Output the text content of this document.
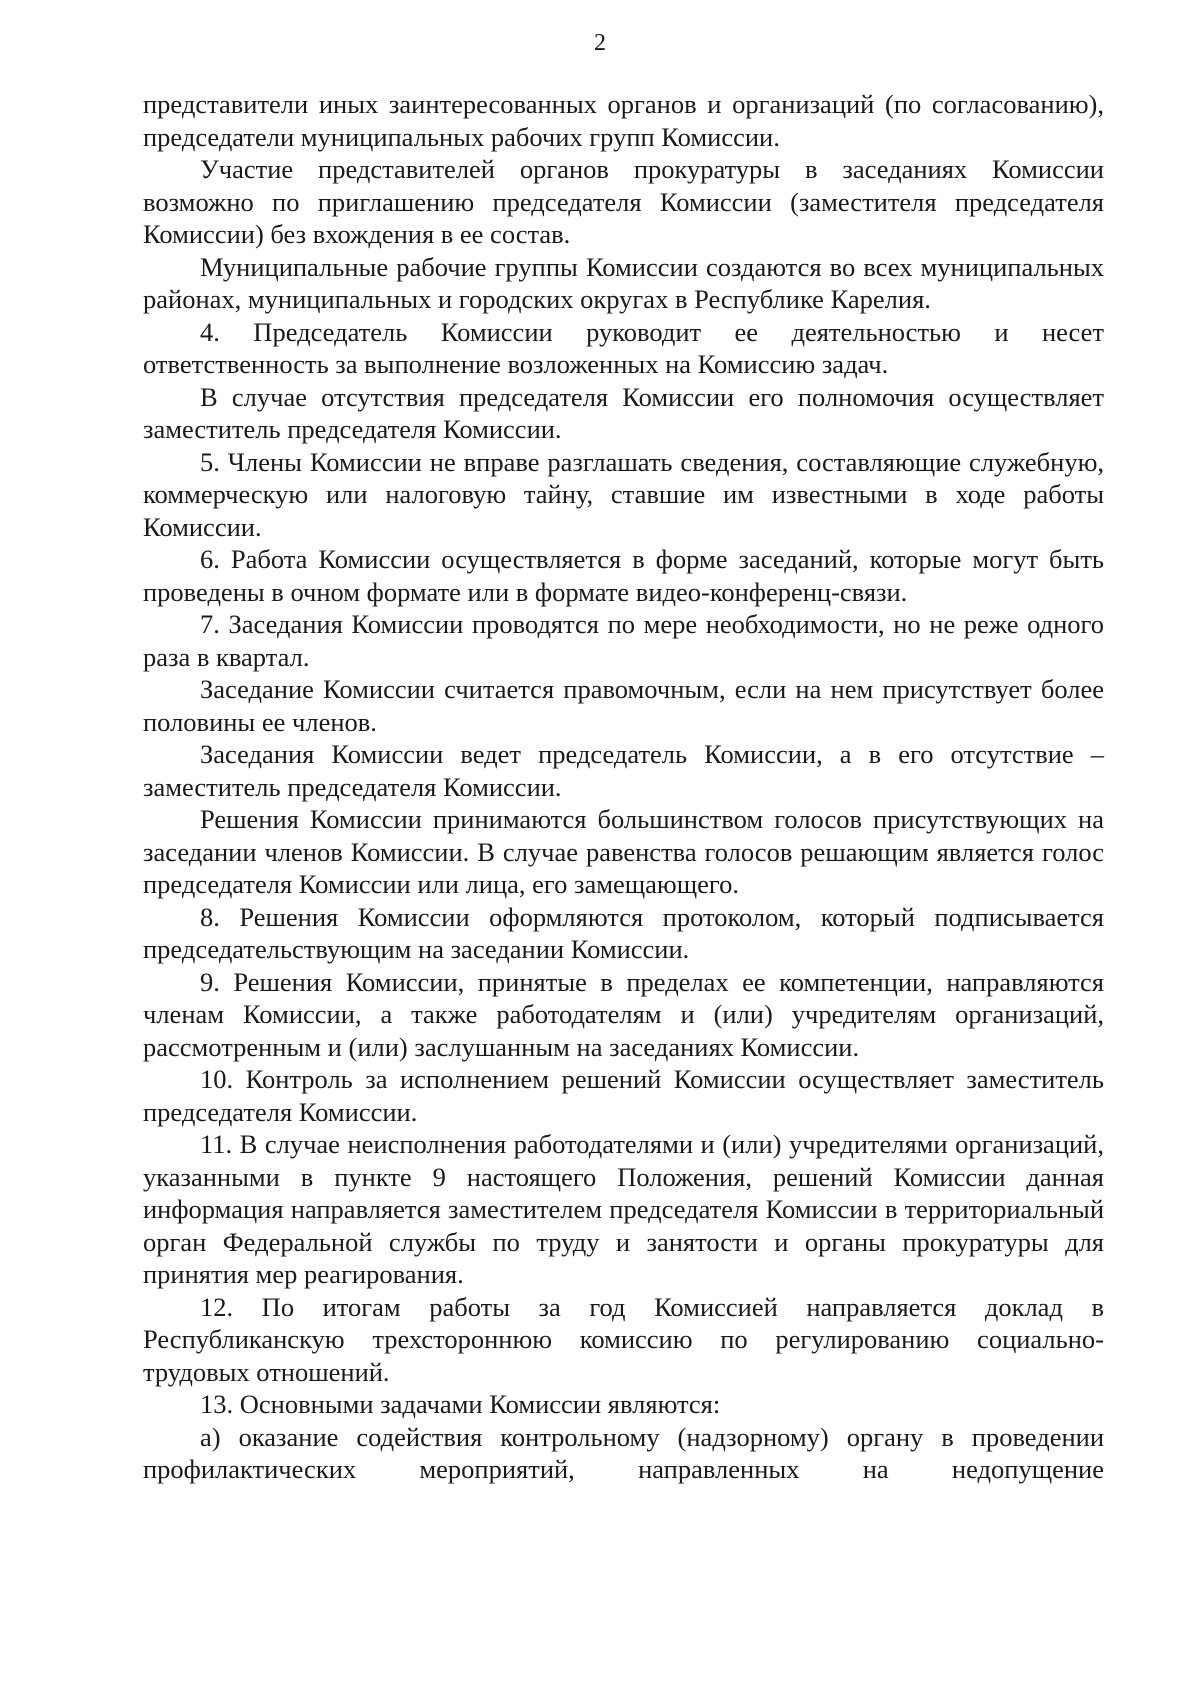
2

представители иных заинтересованных органов и организаций (по согласованию), председатели муниципальных рабочих групп Комиссии.

Участие представителей органов прокуратуры в заседаниях Комиссии возможно по приглашению председателя Комиссии (заместителя председателя Комиссии) без вхождения в ее состав.

Муниципальные рабочие группы Комиссии создаются во всех муниципальных районах, муниципальных и городских округах в Республике Карелия.

4. Председатель Комиссии руководит ее деятельностью и несет ответственность за выполнение возложенных на Комиссию задач.

В случае отсутствия председателя Комиссии его полномочия осуществляет заместитель председателя Комиссии.

5. Члены Комиссии не вправе разглашать сведения, составляющие служебную, коммерческую или налоговую тайну, ставшие им известными в ходе работы Комиссии.

6. Работа Комиссии осуществляется в форме заседаний, которые могут быть проведены в очном формате или в формате видео-конференц-связи.

7. Заседания Комиссии проводятся по мере необходимости, но не реже одного раза в квартал.

Заседание Комиссии считается правомочным, если на нем присутствует более половины ее членов.

Заседания Комиссии ведет председатель Комиссии, а в его отсутствие – заместитель председателя Комиссии.

Решения Комиссии принимаются большинством голосов присутствующих на заседании членов Комиссии. В случае равенства голосов решающим является голос председателя Комиссии или лица, его замещающего.

8. Решения Комиссии оформляются протоколом, который подписывается председательствующим на заседании Комиссии.

9. Решения Комиссии, принятые в пределах ее компетенции, направляются членам Комиссии, а также работодателям и (или) учредителям организаций, рассмотренным и (или) заслушанным на заседаниях Комиссии.

10. Контроль за исполнением решений Комиссии осуществляет заместитель председателя Комиссии.

11. В случае неисполнения работодателями и (или) учредителями организаций, указанными в пункте 9 настоящего Положения, решений Комиссии данная информация направляется заместителем председателя Комиссии в территориальный орган Федеральной службы по труду и занятости и органы прокуратуры для принятия мер реагирования.

12. По итогам работы за год Комиссией направляется доклад в Республиканскую трехстороннюю комиссию по регулированию социально-трудовых отношений.

13. Основными задачами Комиссии являются:

а) оказание содействия контрольному (надзорному) органу в проведении профилактических мероприятий, направленных на недопущение
